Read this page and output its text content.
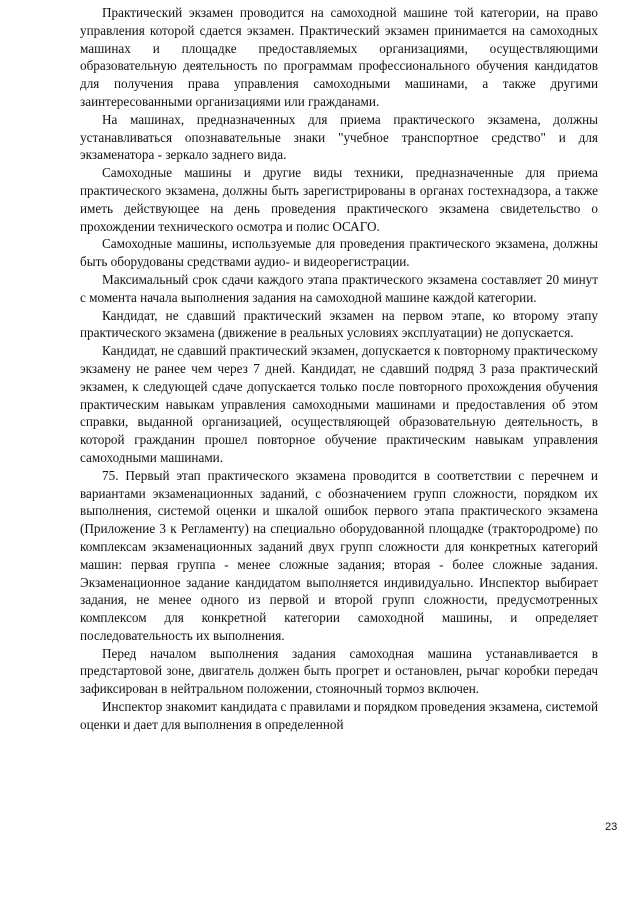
Практический экзамен проводится на самоходной машине той категории, на право управления которой сдается экзамен. Практический экзамен принимается на самоходных машинах и площадке предоставляемых организациями, осуществляющими образовательную деятельность по программам профессионального обучения кандидатов для получения права управления самоходными машинами, а также другими заинтересованными организациями или гражданами.

На машинах, предназначенных для приема практического экзамена, должны устанавливаться опознавательные знаки "учебное транспортное средство" и для экзаменатора - зеркало заднего вида.

Самоходные машины и другие виды техники, предназначенные для приема практического экзамена, должны быть зарегистрированы в органах гостехнадзора, а также иметь действующее на день проведения практического экзамена свидетельство о прохождении технического осмотра и полис ОСАГО.

Самоходные машины, используемые для проведения практического экзамена, должны быть оборудованы средствами аудио- и видеорегистрации.

Максимальный срок сдачи каждого этапа практического экзамена составляет 20 минут с момента начала выполнения задания на самоходной машине каждой категории.

Кандидат, не сдавший практический экзамен на первом этапе, ко второму этапу практического экзамена (движение в реальных условиях эксплуатации) не допускается.

Кандидат, не сдавший практический экзамен, допускается к повторному практическому экзамену не ранее чем через 7 дней. Кандидат, не сдавший подряд 3 раза практический экзамен, к следующей сдаче допускается только после повторного прохождения обучения практическим навыкам управления самоходными машинами и предоставления об этом справки, выданной организацией, осуществляющей образовательную деятельность, в которой гражданин прошел повторное обучение практическим навыкам управления самоходными машинами.

75. Первый этап практического экзамена проводится в соответствии с перечнем и вариантами экзаменационных заданий, с обозначением групп сложности, порядком их выполнения, системой оценки и шкалой ошибок первого этапа практического экзамена (Приложение 3 к Регламенту) на специально оборудованной площадке (трактородроме) по комплексам экзаменационных заданий двух групп сложности для конкретных категорий машин: первая группа - менее сложные задания; вторая - более сложные задания. Экзаменационное задание кандидатом выполняется индивидуально. Инспектор выбирает задания, не менее одного из первой и второй групп сложности, предусмотренных комплексом для конкретной категории самоходной машины, и определяет последовательность их выполнения.

Перед началом выполнения задания самоходная машина устанавливается в предстартовой зоне, двигатель должен быть прогрет и остановлен, рычаг коробки передач зафиксирован в нейтральном положении, стояночный тормоз включен.

Инспектор знакомит кандидата с правилами и порядком проведения экзамена, системой оценки и дает для выполнения в определенной

23
